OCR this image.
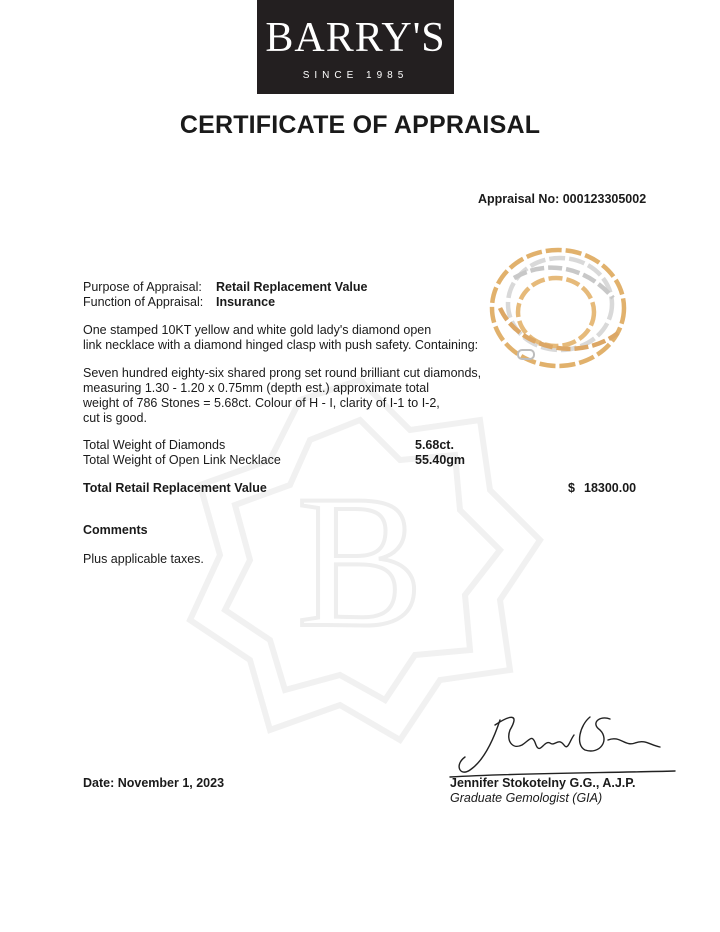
B
BARRY'S
SINCE 1985
CERTIFICATE OF APPRAISAL
Appraisal No: 000123305002
Purpose of Appraisal: Retail Replacement Value
Function of Appraisal: Insurance
One stamped 10KT yellow and white gold lady's diamond open
link necklace with a diamond hinged clasp with push safety. Containing:
Seven hundred eighty-six shared prong set round brilliant cut diamonds,
measuring 1.30 - 1.20 x 0.75mm (depth est.) approximate total
weight of 786 Stones = 5.68ct. Colour of H - I, clarity of I-1 to I-2,
cut is good.
Total Weight of Diamonds	5.68ct.
Total Weight of Open Link Necklace	55.40gm
Total Retail Replacement Value	$ 18300.00
Comments
Plus applicable taxes.
Date: November 1, 2023	Jennifer Stokotelny G.G., A.J.P.
Graduate Gemologist (GIA)
